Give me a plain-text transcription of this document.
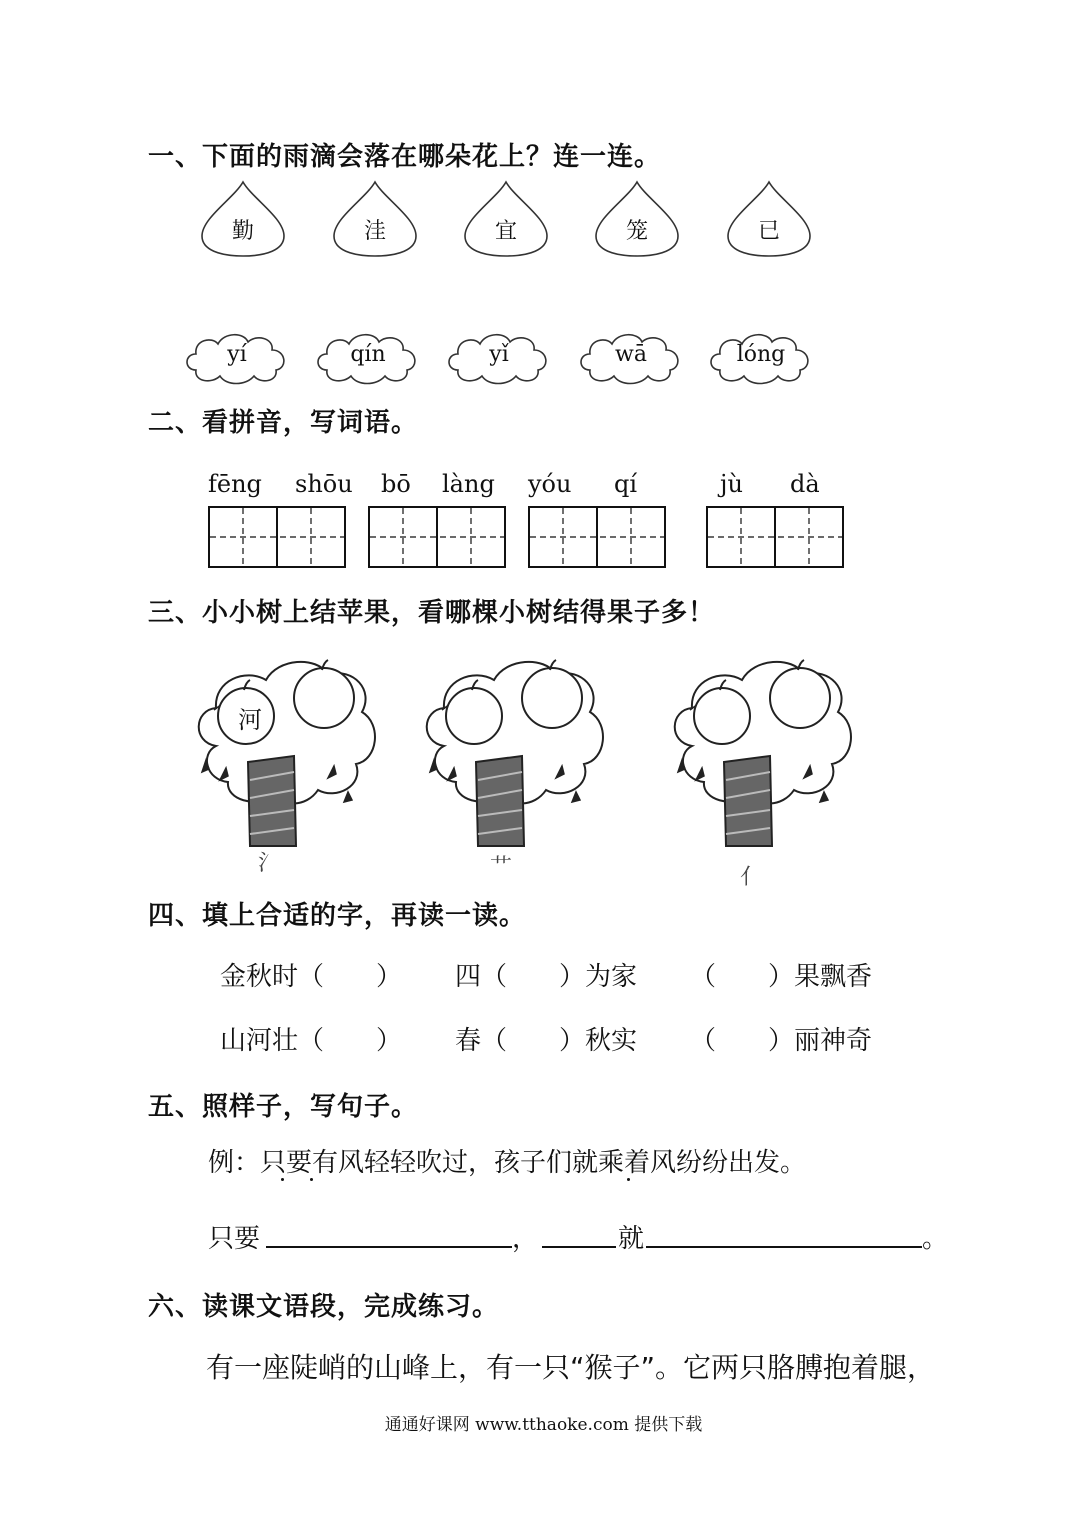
一、下面的雨滴会落在哪朵花上？连一连。
勤	洼	宜	笼	已
yí	qín	yǐ	wā	lóng
二、看拼音，写词语。
fēng shōu bō làng yóu qí	jù dà
三、小小树上结苹果，看哪棵小树结得果子多！
河
氵	艹	亻
四、填上合适的字，再读一读。
金秋时（　　） 四（　　）为家 （　　）果飘香
山河壮（　　） 春（　　）秋实 （　　）丽神奇
五、照样子，写句子。
例：只要有风轻轻吹过，孩子们就乘着风纷纷出发。
只要	，	就	。
六、读课文语段，完成练习。
有一座陡峭的山峰上，有一只“猴子”。它两只胳膊抱着腿，
通通好课网 www.tthaoke.com 提供下载
